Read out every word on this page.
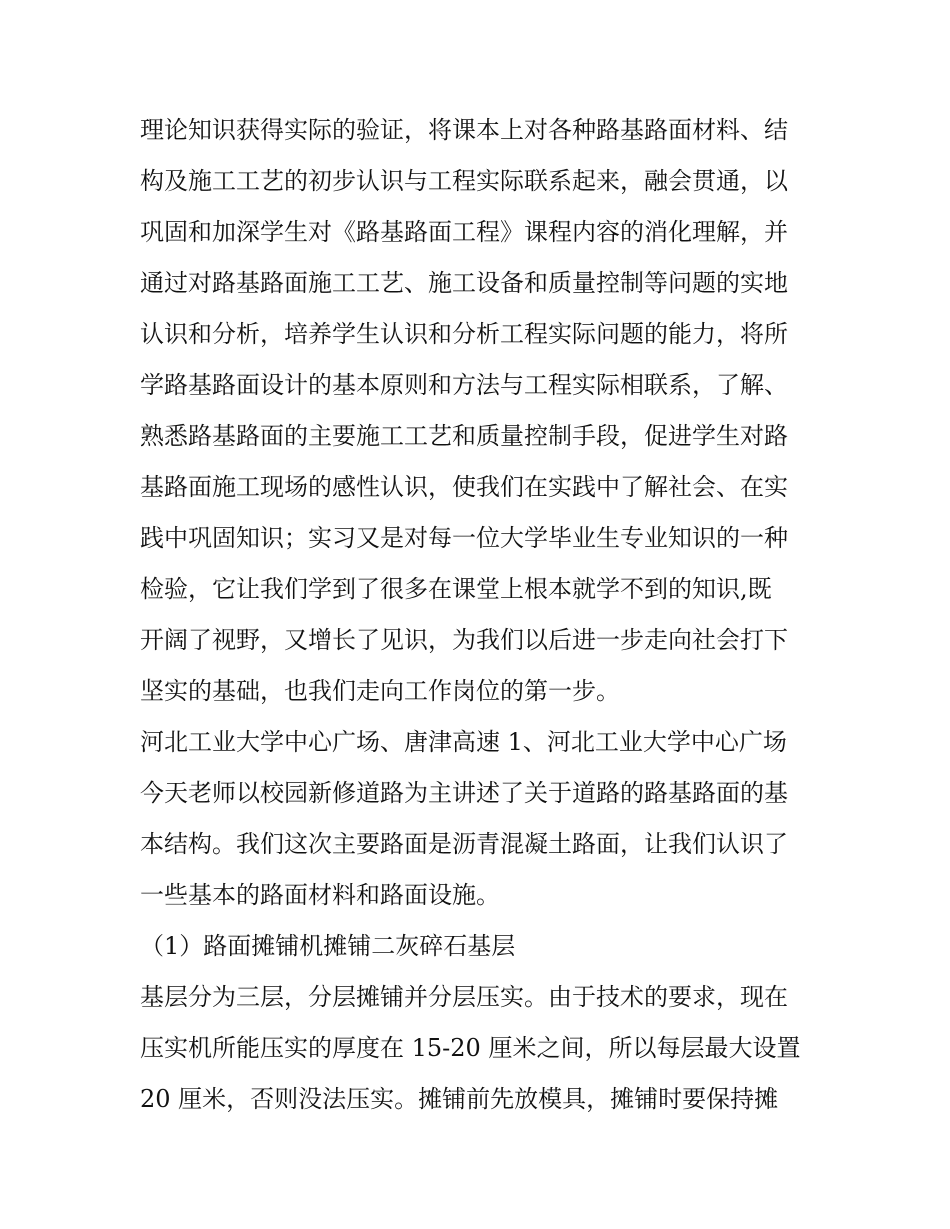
理论知识获得实际的验证，将课本上对各种路基路面材料、结
构及施工工艺的初步认识与工程实际联系起来，融会贯通，以
巩固和加深学生对《路基路面工程》课程内容的消化理解，并
通过对路基路面施工工艺、施工设备和质量控制等问题的实地
认识和分析，培养学生认识和分析工程实际问题的能力，将所
学路基路面设计的基本原则和方法与工程实际相联系，了解、
熟悉路基路面的主要施工工艺和质量控制手段，促进学生对路
基路面施工现场的感性认识，使我们在实践中了解社会、在实
践中巩固知识；实习又是对每一位大学毕业生专业知识的一种
检验，它让我们学到了很多在课堂上根本就学不到的知识,既
开阔了视野，又增长了见识，为我们以后进一步走向社会打下
坚实的基础，也我们走向工作岗位的第一步。
河北工业大学中心广场、唐津高速 1、河北工业大学中心广场
今天老师以校园新修道路为主讲述了关于道路的路基路面的基
本结构。我们这次主要路面是沥青混凝土路面，让我们认识了
一些基本的路面材料和路面设施。
（1）路面摊铺机摊铺二灰碎石基层
基层分为三层，分层摊铺并分层压实。由于技术的要求，现在
压实机所能压实的厚度在 15-20 厘米之间，所以每层最大设置
20 厘米，否则没法压实。摊铺前先放模具，摊铺时要保持摊
